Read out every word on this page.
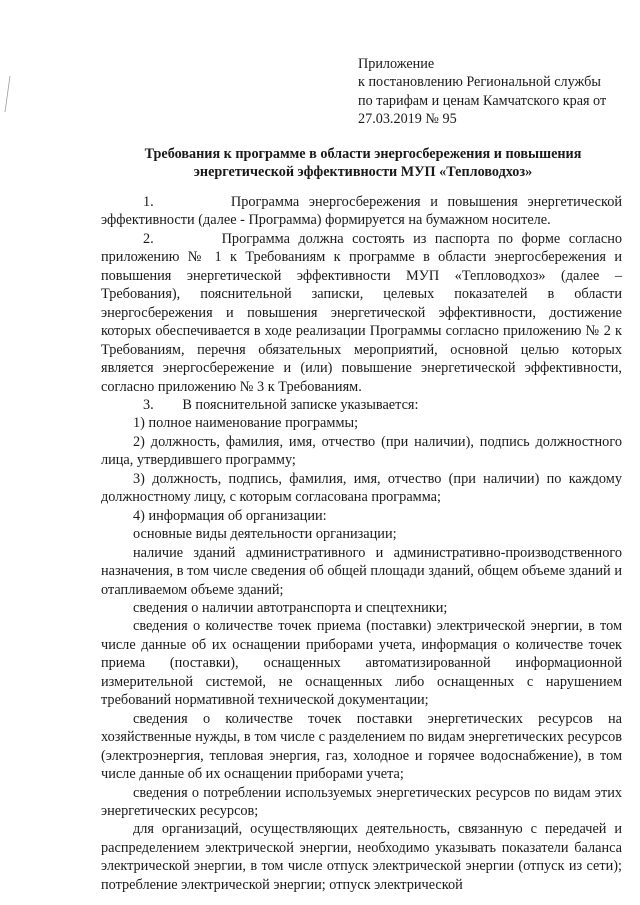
Приложение
к постановлению Региональной службы
по тарифам и ценам Камчатского края от
27.03.2019 № 95
Требования к программе в области энергосбережения и повышения
энергетической эффективности МУП «Тепловодхоз»

1.        Программа энергосбережения и повышения энергетической эффективности (далее - Программа) формируется на бумажном носителе.

2.        Программа должна состоять из паспорта по форме согласно приложению № 1 к Требованиям к программе в области энергосбережения и повышения энергетической эффективности МУП «Тепловодхоз» (далее – Требования), пояснительной записки, целевых показателей в области энергосбережения и повышения энергетической эффективности, достижение которых обеспечивается в ходе реализации Программы согласно приложению № 2 к Требованиям, перечня обязательных мероприятий, основной целью которых является энергосбережение и (или) повышение энергетической эффективности, согласно приложению № 3 к Требованиям.

3.        В пояснительной записке указывается:

1) полное наименование программы;

2) должность, фамилия, имя, отчество (при наличии), подпись должностного лица, утвердившего программу;

3) должность, подпись, фамилия, имя, отчество (при наличии) по каждому должностному лицу, с которым согласована программа;

4) информация об организации:

основные виды деятельности организации;

наличие зданий административного и административно-производственного назначения, в том числе сведения об общей площади зданий, общем объеме зданий и отапливаемом объеме зданий;

сведения о наличии автотранспорта и спецтехники;

сведения о количестве точек приема (поставки) электрической энергии, в том числе данные об их оснащении приборами учета, информация о количестве точек приема (поставки), оснащенных автоматизированной информационной измерительной системой, не оснащенных либо оснащенных с нарушением требований нормативной технической документации;

сведения о количестве точек поставки энергетических ресурсов на хозяйственные нужды, в том числе с разделением по видам энергетических ресурсов (электроэнергия, тепловая энергия, газ, холодное и горячее водоснабжение), в том числе данные об их оснащении приборами учета;

сведения о потреблении используемых энергетических ресурсов по видам этих энергетических ресурсов;

для организаций, осуществляющих деятельность, связанную с передачей и распределением электрической энергии, необходимо указывать показатели баланса электрической энергии, в том числе отпуск электрической энергии (отпуск из сети); потребление электрической энергии; отпуск электрической
